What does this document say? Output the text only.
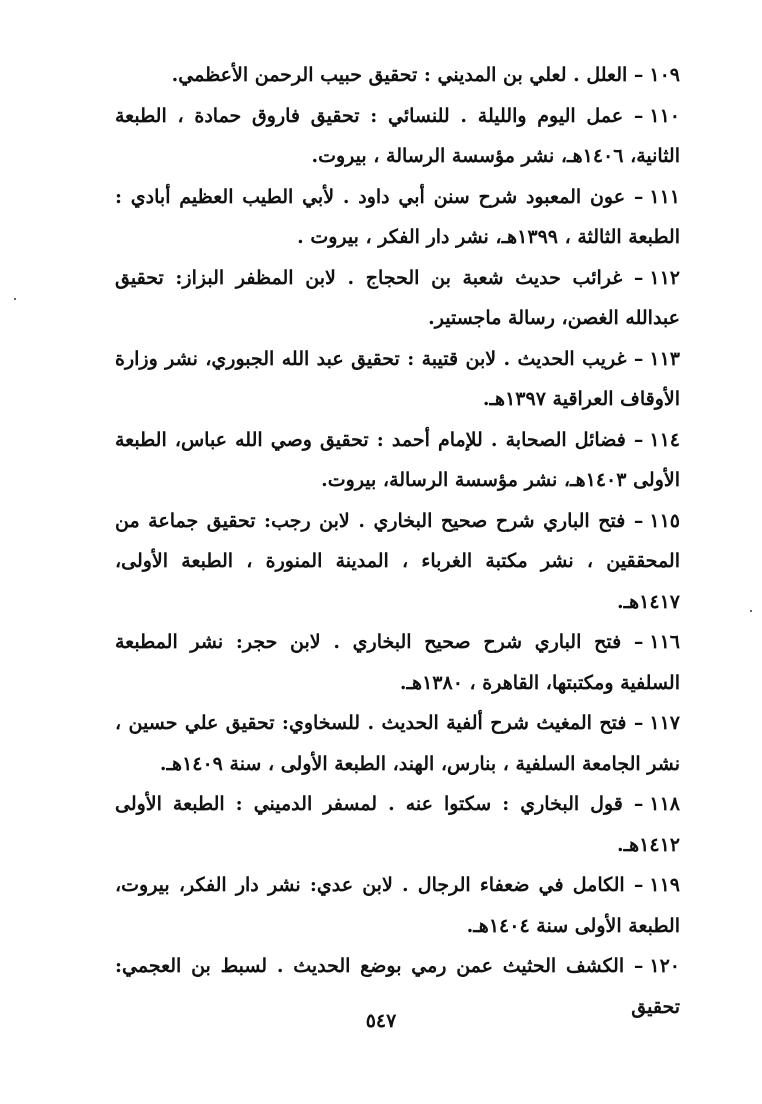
١٠٩– العلل . لعلي بن المديني : تحقيق حبيب الرحمن الأعظمي.

١١٠– عمل اليوم والليلة . للنسائي : تحقيق فاروق حمادة ، الطبعة الثانية، ١٤٠٦هـ، نشر مؤسسة الرسالة ، بيروت.

١١١– عون المعبود شرح سنن أبي داود . لأبي الطيب العظيم أبادي : الطبعة الثالثة ، ١٣٩٩هـ، نشر دار الفكر ، بيروت .

١١٢– غرائب حديث شعبة بن الحجاج . لابن المظفر البزاز: تحقيق عبدالله الغصن، رسالة ماجستير.

١١٣– غريب الحديث . لابن قتيبة : تحقيق عبد الله الجبوري، نشر وزارة الأوقاف العراقية ١٣٩٧هـ.

١١٤– فضائل الصحابة . للإمام أحمد : تحقيق وصي الله عباس، الطبعة الأولى ١٤٠٣هـ، نشر مؤسسة الرسالة، بيروت.

١١٥– فتح الباري شرح صحيح البخاري . لابن رجب: تحقيق جماعة من المحققين ، نشر مكتبة الغرباء ، المدينة المنورة ، الطبعة الأولى، ١٤١٧هـ.

١١٦– فتح الباري شرح صحيح البخاري . لابن حجر: نشر المطبعة السلفية ومكتبتها، القاهرة ، ١٣٨٠هـ.

١١٧– فتح المغيث شرح ألفية الحديث . للسخاوي: تحقيق علي حسين ، نشر الجامعة السلفية ، بنارس، الهند، الطبعة الأولى ، سنة ١٤٠٩هـ.

١١٨– قول البخاري : سكتوا عنه . لمسفر الدميني : الطبعة الأولى ١٤١٢هـ.

١١٩– الكامل في ضعفاء الرجال . لابن عدي: نشر دار الفكر، بيروت، الطبعة الأولى سنة ١٤٠٤هـ.

١٢٠– الكشف الحثيث عمن رمي بوضع الحديث . لسبط بن العجمي: تحقيق

٥٤٧
